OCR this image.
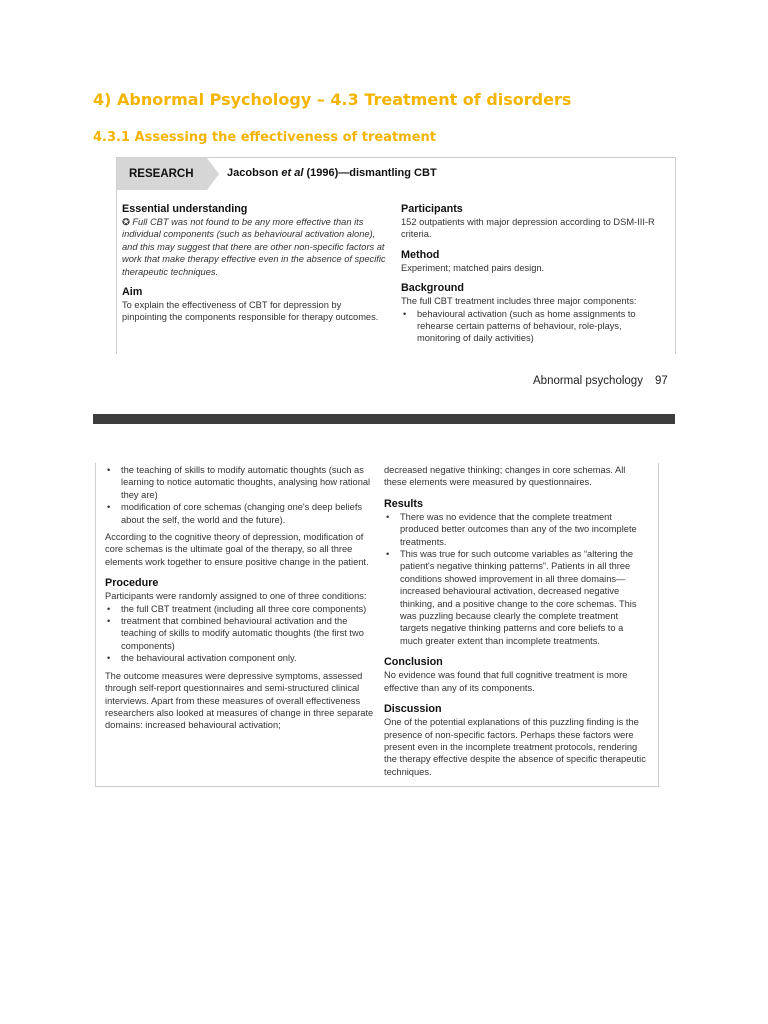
4) Abnormal Psychology – 4.3 Treatment of disorders
4.3.1 Assessing the effectiveness of treatment
RESEARCH	Jacobson et al (1996)—dismantling CBT
Essential understanding

✪ Full CBT was not found to be any more effective than its individual components (such as behavioural activation alone), and this may suggest that there are other non-specific factors at work that make therapy effective even in the absence of specific therapeutic techniques.

Aim

To explain the effectiveness of CBT for depression by pinpointing the components responsible for therapy outcomes.

Participants

152 outpatients with major depression according to DSM-III-R criteria.

Method

Experiment; matched pairs design.

Background

The full CBT treatment includes three major components:

• behavioural activation (such as home assignments to rehearse certain patterns of behaviour, role-plays, monitoring of daily activities)
Abnormal psychology 97
• the teaching of skills to modify automatic thoughts (such as learning to notice automatic thoughts, analysing how rational they are)
• modification of core schemas (changing one's deep beliefs about the self, the world and the future).

According to the cognitive theory of depression, modification of core schemas is the ultimate goal of the therapy, so all three elements work together to ensure positive change in the patient.

Procedure

Participants were randomly assigned to one of three conditions:

• the full CBT treatment (including all three core components)
• treatment that combined behavioural activation and the teaching of skills to modify automatic thoughts (the first two components)
• the behavioural activation component only.

The outcome measures were depressive symptoms, assessed through self-report questionnaires and semi-structured clinical interviews. Apart from these measures of overall effectiveness researchers also looked at measures of change in three separate domains: increased behavioural activation;

decreased negative thinking; changes in core schemas. All these elements were measured by questionnaires.

Results
• There was no evidence that the complete treatment produced better outcomes than any of the two incomplete treatments.
• This was true for such outcome variables as “altering the patient's negative thinking patterns”. Patients in all three conditions showed improvement in all three domains—increased behavioural activation, decreased negative thinking, and a positive change to the core schemas. This was puzzling because clearly the complete treatment targets negative thinking patterns and core beliefs to a much greater extent than incomplete treatments.
Conclusion

No evidence was found that full cognitive treatment is more effective than any of its components.

Discussion

One of the potential explanations of this puzzling finding is the presence of non-specific factors. Perhaps these factors were present even in the incomplete treatment protocols, rendering the therapy effective despite the absence of specific therapeutic techniques.
